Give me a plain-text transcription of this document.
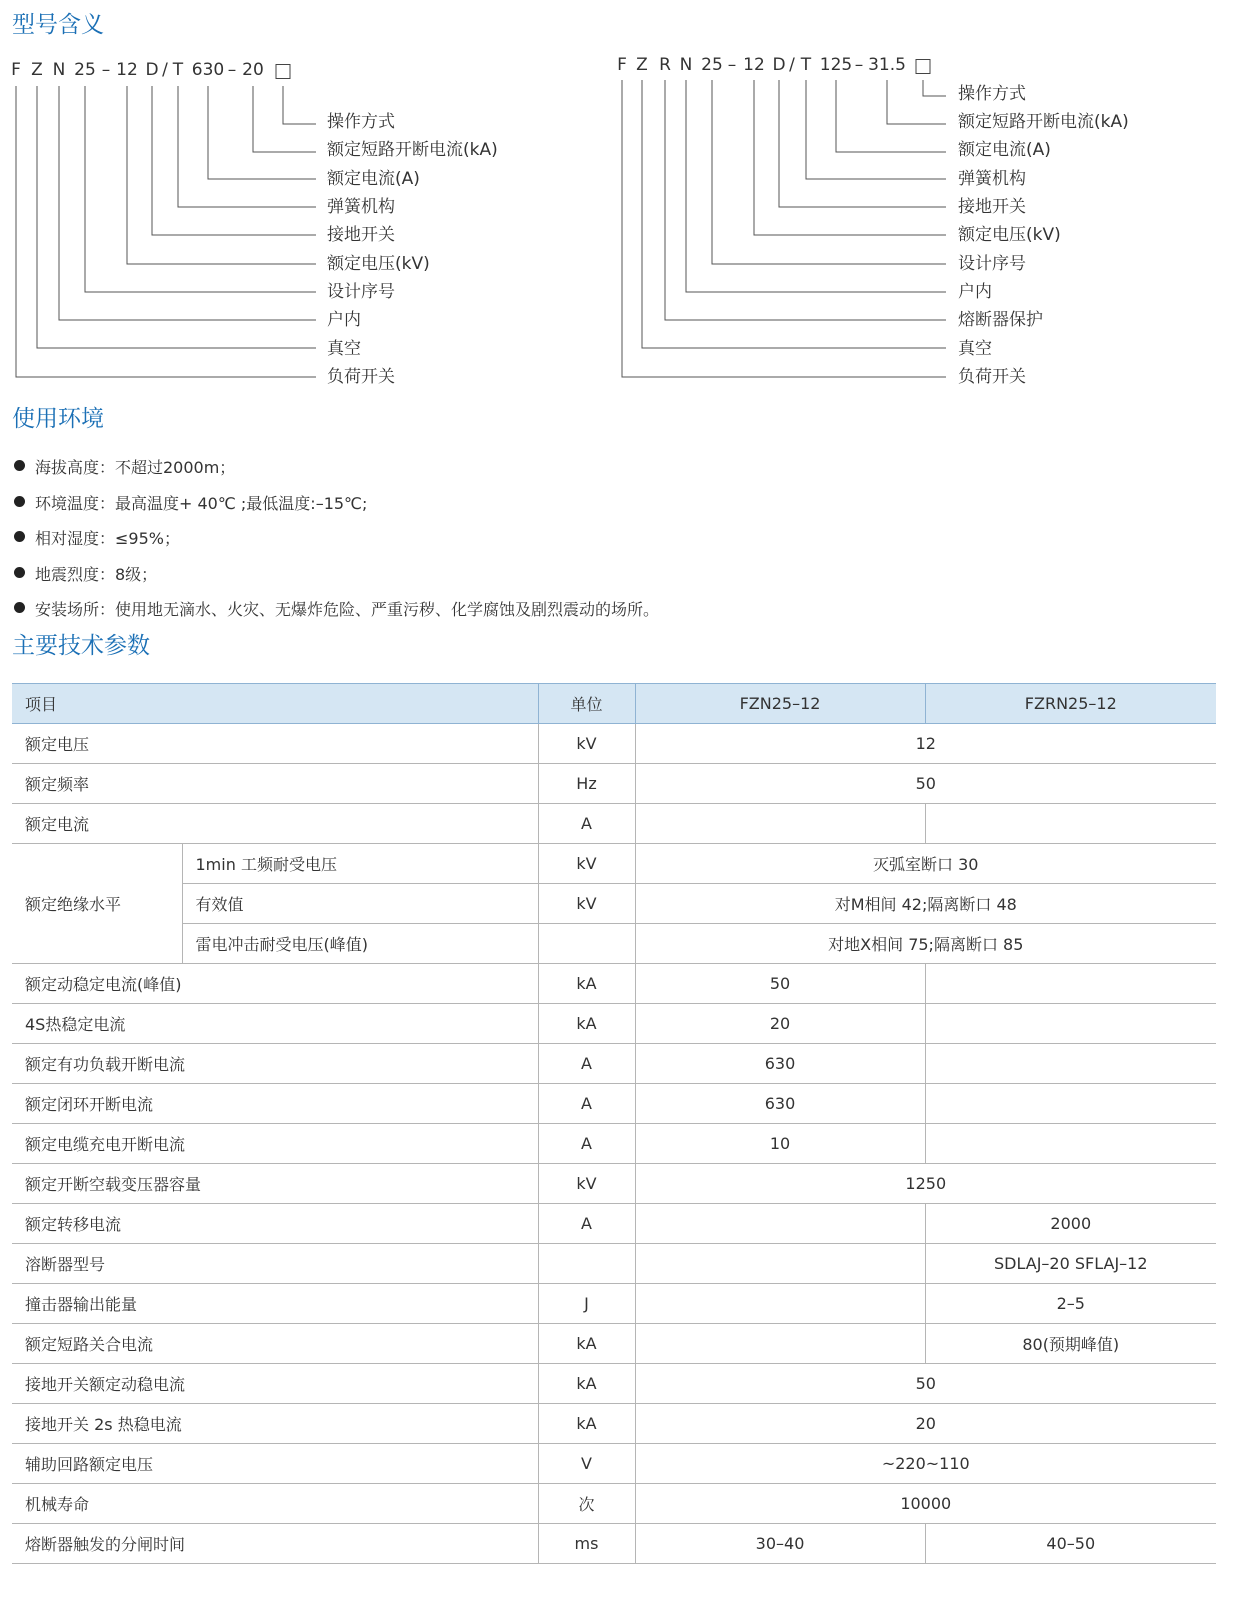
型号含义
F Z N 25 – 12 D / T 630 – 20
操作方式
额定短路开断电流(kA)
额定电流(A)
弹簧机构
接地开关
额定电压(kV)
设计序号
户内
真空
负荷开关
F Z R N 25 – 12 D / T 125 – 31.5
操作方式
额定短路开断电流(kA)
额定电流(A)
弹簧机构
接地开关
额定电压(kV)
设计序号
户内
熔断器保护
真空
负荷开关
使用环境
海拔高度：不超过2000m；
环境温度：最高温度+ 40℃ ;最低温度:–15℃;
相对湿度：≤95%；
地震烈度：8级；
安装场所：使用地无滴水、火灾、无爆炸危险、严重污秽、化学腐蚀及剧烈震动的场所。
主要技术参数
项目		单位	FZN25–12	FZRN25–12
额定电压		kV	12	
额定频率		Hz	50	
额定电流		A		
额定绝缘水平	1min 工频耐受电压	kV	灭弧室断口 30	
	有效值	kV	对M相间 42;隔离断口 48	
	雷电冲击耐受电压(峰值)		对地X相间 75;隔离断口 85	
额定动稳定电流(峰值)		kA	50	
4S热稳定电流		kA	20	
额定有功负载开断电流		A	630	
额定闭环开断电流		A	630	
额定电缆充电开断电流		A	10	
额定开断空载变压器容量		kV	1250	
额定转移电流		A		2000
溶断器型号				SDLAJ–20 SFLAJ–12
撞击器输出能量		J		2–5
额定短路关合电流		kA		80(预期峰值)
接地开关额定动稳电流		kA	50	
接地开关 2s 热稳电流		kA	20	
辅助回路额定电压		V	~220~110	
机械寿命		次	10000	
熔断器触发的分闸时间		ms	30–40	40–50
